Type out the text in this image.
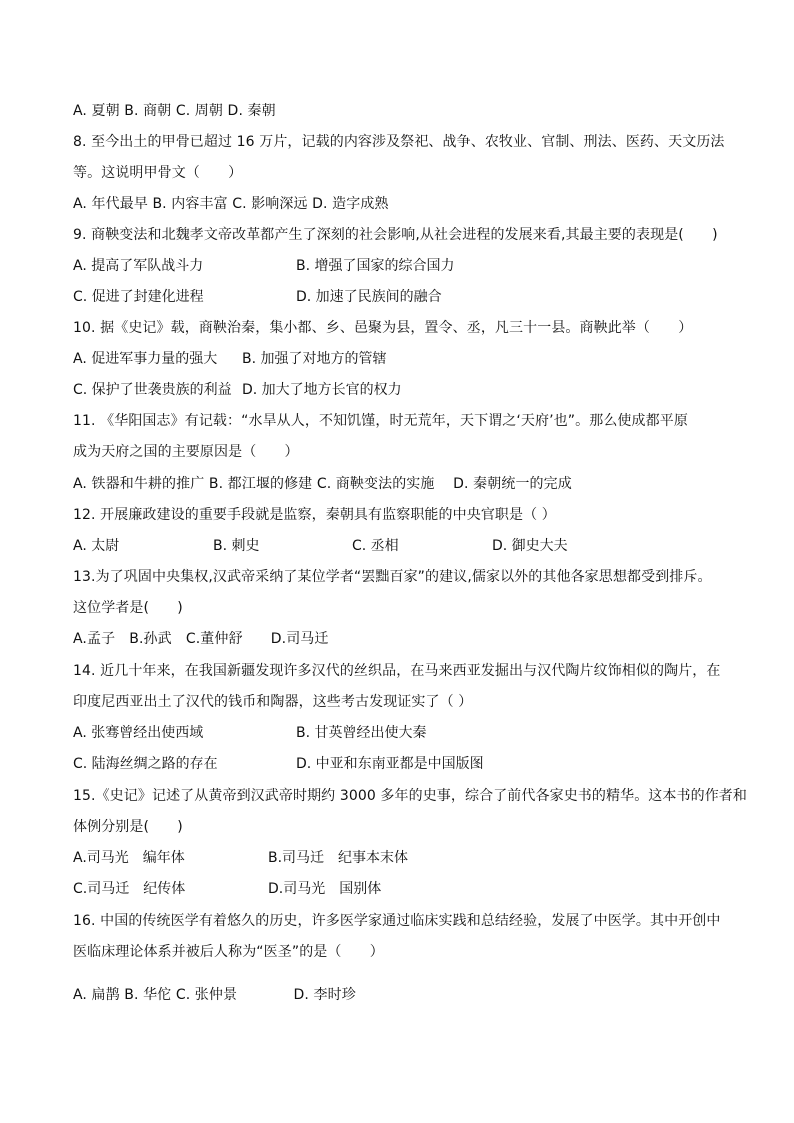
A. 夏朝 B. 商朝 C. 周朝 D. 秦朝
8. 至今出土的甲骨已超过 16 万片，记载的内容涉及祭祀、战争、农牧业、官制、刑法、医药、天文历法
等。这说明甲骨文（　　）
A. 年代最早 B. 内容丰富 C. 影响深远 D. 造字成熟
9. 商鞅变法和北魏孝文帝改革都产生了深刻的社会影响,从社会进程的发展来看,其最主要的表现是(　　)
A. 提高了军队战斗力	B. 增强了国家的综合国力
C. 促进了封建化进程	D. 加速了民族间的融合
10. 据《史记》载，商鞅治秦，集小都、乡、邑聚为县，置令、丞，凡三十一县。商鞅此举（　　）
A. 促进军事力量的强大 B. 加强了对地方的管辖
C. 保护了世袭贵族的利益 D. 加大了地方长官的权力
11. 《华阳国志》有记载：“水旱从人，不知饥馑，时无荒年，天下谓之‘天府’也”。那么使成都平原
成为天府之国的主要原因是（　　）
A. 铁器和牛耕的推广 B. 都江堰的修建 C. 商鞅变法的实施　 D. 秦朝统一的完成
12. 开展廉政建设的重要手段就是监察，秦朝具有监察职能的中央官职是（ ）
A. 太尉	B. 刺史	C. 丞相	D. 御史大夫
13.为了巩固中央集权,汉武帝采纳了某位学者“罢黜百家”的建议,儒家以外的其他各家思想都受到排斥。
这位学者是(　　)
A.孟子　B.孙武　C.董仲舒　　D.司马迁
14. 近几十年来，在我国新疆发现许多汉代的丝织品，在马来西亚发掘出与汉代陶片纹饰相似的陶片，在
印度尼西亚出土了汉代的钱币和陶器，这些考古发现证实了（ ）
A. 张骞曾经出使西域	B. 甘英曾经出使大秦
C. 陆海丝绸之路的存在	D. 中亚和东南亚都是中国版图
15.《史记》记述了从黄帝到汉武帝时期约 3000 多年的史事，综合了前代各家史书的精华。这本书的作者和
体例分别是(　　)
A.司马光　编年体	B.司马迁　纪事本末体
C.司马迁　纪传体	D.司马光　国别体
16. 中国的传统医学有着悠久的历史，许多医学家通过临床实践和总结经验，发展了中医学。其中开创中
医临床理论体系并被后人称为“医圣”的是（　　）
A. 扁鹊 B. 华佗 C. 张仲景　　　　D. 李时珍
